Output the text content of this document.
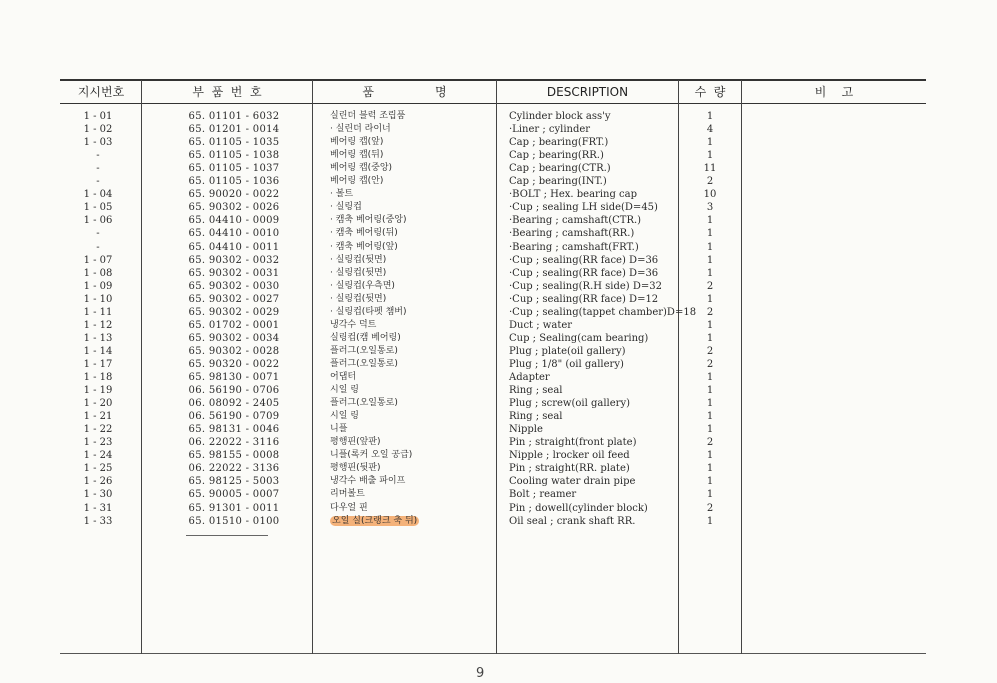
지시번호	부  품  번  호	품                명	DESCRIPTION	수  량	비    고
1 - 01	65. 01101 - 6032	실린더 블럭 조립품	Cylinder block ass'y	1
1 - 02	65. 01201 - 0014	· 실린더 라이너	·Liner ; cylinder	4
1 - 03	65. 01105 - 1035	베어링 캡(앞)	Cap ; bearing(FRT.)	1
-	65. 01105 - 1038	베어링 캡(뒤)	Cap ; bearing(RR.)	1
-	65. 01105 - 1037	베어링 캡(중앙)	Cap ; bearing(CTR.)	11
-	65. 01105 - 1036	베어링 캡(안)	Cap ; bearing(INT.)	2
1 - 04	65. 90020 - 0022	· 볼트	·BOLT ; Hex. bearing cap	10
1 - 05	65. 90302 - 0026	· 실링컵	·Cup ; sealing LH side(D=45)	3
1 - 06	65. 04410 - 0009	· 캠축 베어링(중앙)	·Bearing ; camshaft(CTR.)	1
-	65. 04410 - 0010	· 캠축 베어링(뒤)	·Bearing ; camshaft(RR.)	1
-	65. 04410 - 0011	· 캠축 베어링(앞)	·Bearing ; camshaft(FRT.)	1
1 - 07	65. 90302 - 0032	· 실링컵(뒷면)	·Cup ; sealing(RR face) D=36	1
1 - 08	65. 90302 - 0031	· 실링컵(뒷면)	·Cup ; sealing(RR face) D=36	1
1 - 09	65. 90302 - 0030	· 실링컵(우측면)	·Cup ; sealing(R.H side) D=32	2
1 - 10	65. 90302 - 0027	· 실링컵(뒷면)	·Cup ; sealing(RR face) D=12	1
1 - 11	65. 90302 - 0029	· 실링컵(타펫 챔버)	·Cup ; sealing(tappet chamber)D=18	2
1 - 12	65. 01702 - 0001	냉각수 덕트	Duct ; water	1
1 - 13	65. 90302 - 0034	실링컵(캠 베어링)	Cup ; Sealing(cam bearing)	1
1 - 14	65. 90302 - 0028	플러그(오일통로)	Plug ; plate(oil gallery)	2
1 - 17	65. 90320 - 0022	플러그(오일통로)	Plug ; 1/8" (oil gallery)	2
1 - 18	65. 98130 - 0071	어댑터	Adapter	1
1 - 19	06. 56190 - 0706	시일 링	Ring ; seal	1
1 - 20	06. 08092 - 2405	플러그(오일통로)	Plug ; screw(oil gallery)	1
1 - 21	06. 56190 - 0709	시일 링	Ring ; seal	1
1 - 22	65. 98131 - 0046	니플	Nipple	1
1 - 23	06. 22022 - 3116	평행핀(앞판)	Pin ; straight(front plate)	2
1 - 24	65. 98155 - 0008	니플(록커 오일 공급)	Nipple ; lrocker oil feed	1
1 - 25	06. 22022 - 3136	평행핀(뒷판)	Pin ; straight(RR. plate)	1
1 - 26	65. 98125 - 5003	냉각수 배출 파이프	Cooling water drain pipe	1
1 - 30	65. 90005 - 0007	리머볼트	Bolt ; reamer	1
1 - 31	65. 91301 - 0011	다우얼 핀	Pin ; dowell(cylinder block)	2
1 - 33	65. 01510 - 0100	오일 실(크랭크 축 뒤)	Oil seal ; crank shaft RR.	1
9
